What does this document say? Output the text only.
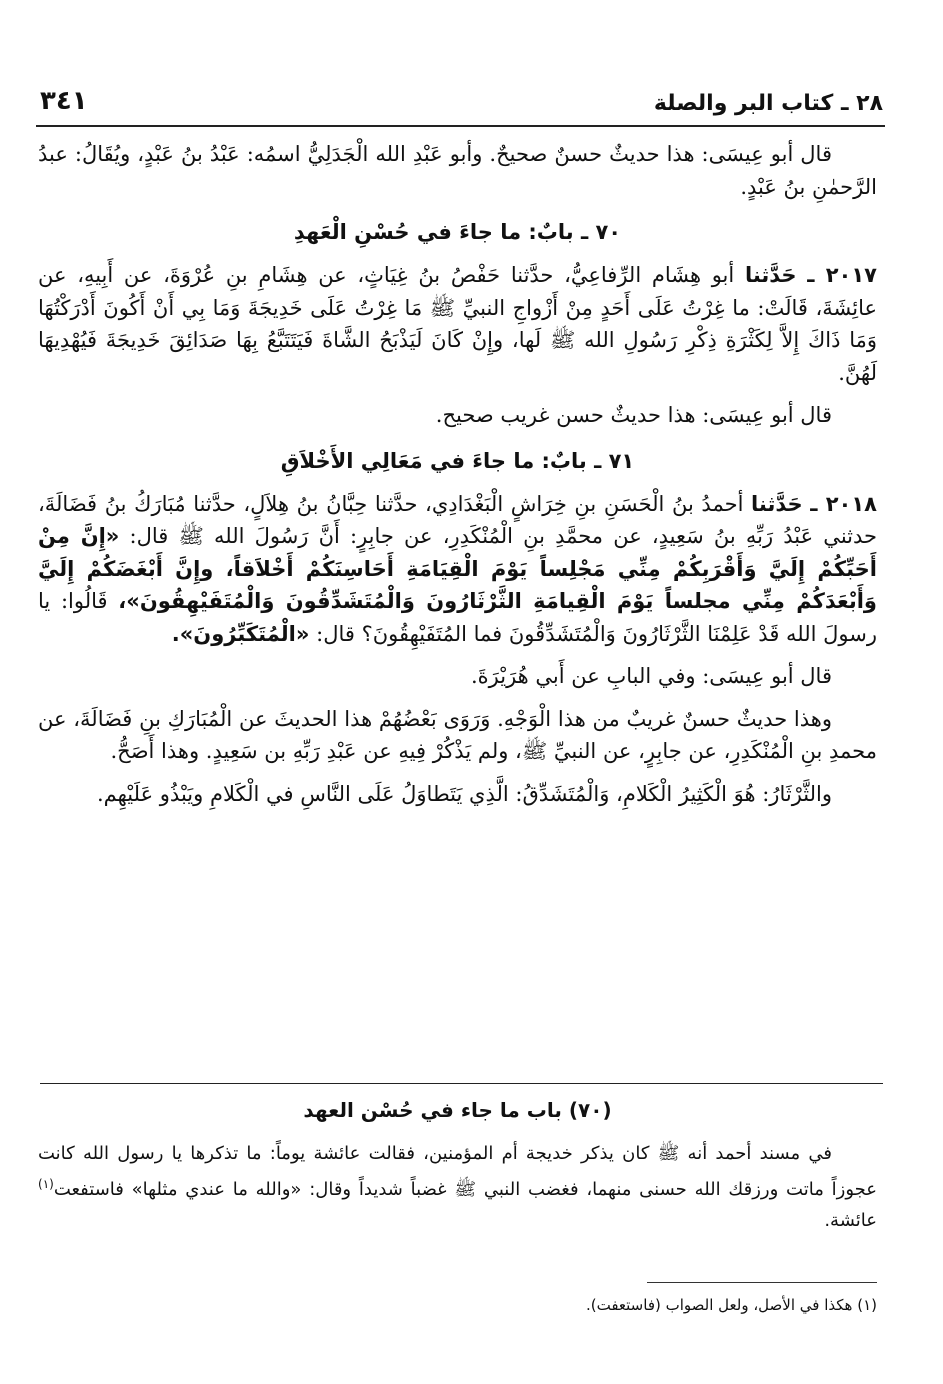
٢٨ ـ كتاب البر والصلة
٣٤١

قال أبو عِيسَى: هذا حديثٌ حسنٌ صحيحٌ. وأبو عَبْدِ الله الْجَدَلِيُّ اسمُه: عَبْدُ بنُ عَبْدٍ، ويُقَالُ: عبدُ الرَّحمٰنِ بنُ عَبْدٍ.

٧٠ ـ بابٌ: ما جاءَ في حُسْنِ الْعَهدِ

٢٠١٧ ـ حَدَّثنا أبو هِشَام الرِّفاعِيُّ، حدَّثنا حَفْصُ بنُ غِيَاثٍ، عن هِشَامِ بنِ عُرْوَةَ، عن أَبِيهِ، عن عائِشَةَ، قَالَتْ: ما غِرْتُ عَلَى أَحَدٍ مِنْ أَزْواجِ النبيِّ ﷺ مَا غِرْتُ عَلَى خَدِيجَةَ وَمَا بِي أَنْ أَكُونَ أَدْرَكْتُهَا وَمَا ذَاكَ إِلاَّ لِكَثْرَةِ ذِكْرِ رَسُولِ الله ﷺ لَها، وإِنْ كَانَ لَيَذْبَحُ الشَّاةَ فَيَتَتَبَّعُ بِهَا صَدَائِقَ خَدِيجَةَ فَيُهْدِيهَا لَهُنَّ.

قال أبو عِيسَى: هذا حديثٌ حسن غريب صحيح.

٧١ ـ بابٌ: ما جاءَ في مَعَالِي الأَخْلاَقِ

٢٠١٨ ـ حَدَّثنا أحمدُ بنُ الْحَسَنِ بنِ خِرَاشٍ الْبَغْدَادِي، حدَّثنا حِبَّانُ بنُ هِلاَلٍ، حدَّثنا مُبَارَكُ بنُ فَضَالَةَ، حدثني عَبْدُ رَبِّهِ بنُ سَعِيدٍ، عن محمَّدِ بنِ الْمُنْكَدِرِ، عن جابِرٍ: أَنَّ رَسُولَ الله ﷺ قال: «إِنَّ مِنْ أَحَبِّكُمْ إِلَيَّ وَأَقْرَبِكُمْ مِنِّي مَجْلِساً يَوْمَ الْقِيَامَةِ أَحَاسِنَكُمْ أَخْلاَقاً، وإِنَّ أَبْغَضَكُمْ إِلَيَّ وَأَبْعَدَكُمْ مِنِّي مجلساً يَوْمَ الْقِيامَةِ الثَّرْثَارُونَ وَالْمُتَشَدِّقُونَ وَالْمُتَفَيْهِقُونَ»، قَالُوا: يا رسولَ الله قَدْ عَلِمْنَا الثَّرْثَارُونَ وَالْمُتَشَدِّقُونَ فما المُتَفَيْهِقُونَ؟ قال: «الْمُتَكَبِّرُونَ».

قال أبو عِيسَى: وفي البابِ عن أَبي هُرَيْرَةَ.

وهذا حديثٌ حسنٌ غريبٌ من هذا الْوَجْهِ. وَرَوَى بَعْضُهُمْ هذا الحديثَ عن الْمُبَارَكِ بنِ فَضَالَةَ، عن محمدِ بنِ الْمُنْكَدِرِ، عن جابِرٍ، عن النبيِّ ﷺ، ولم يَذْكُرْ فِيهِ عن عَبْدِ رَبِّهِ بن سَعِيدٍ. وهذا أَصَحُّ.

والثَّرْثَارُ: هُوَ الْكَثِيرُ الْكَلامِ، وَالْمُتَشَدِّقُ: الَّذِي يَتَطاوَلُ عَلَى النَّاسِ في الْكَلامِ ويَبْذُو عَلَيْهِم.

(٧٠) باب ما جاء في حُسْن العهد

في مسند أحمد أنه ﷺ كان يذكر خديجة أم المؤمنين، فقالت عائشة يوماً: ما تذكرها يا رسول الله كانت عجوزاً ماتت ورزقك الله حسنى منهما، فغضب النبي ﷺ غضباً شديداً وقال: «والله ما عندي مثلها» فاستفعت$^{(١)}$ عائشة.

(١) هكذا في الأصل، ولعل الصواب (فاستعفت).
